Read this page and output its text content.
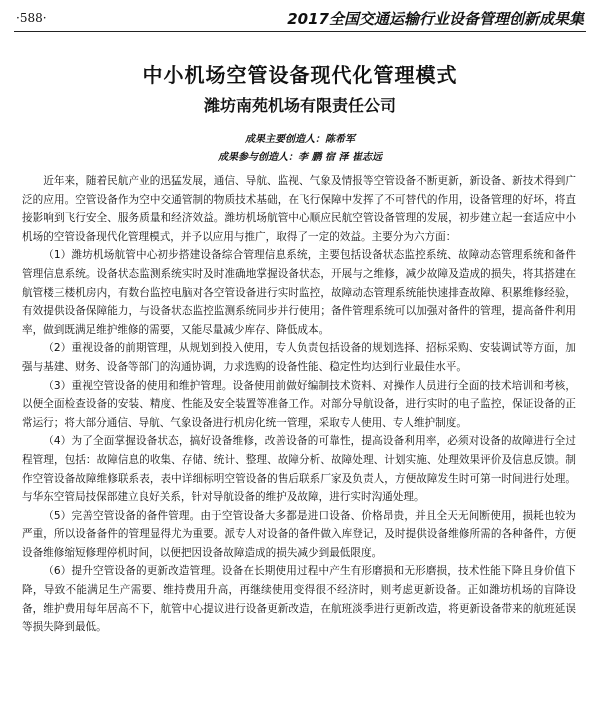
·588·	2017全国交通运输行业设备管理创新成果集
中小机场空管设备现代化管理模式
潍坊南苑机场有限责任公司
成果主要创造人：陈希军
成果参与创造人：李 鹏 宿 泽 崔志远

近年来，随着民航产业的迅猛发展，通信、导航、监视、气象及情报等空管设备不断更新，新设备、新技术得到广泛的应用。空管设备作为空中交通管制的物质技术基础，在飞行保障中发挥了不可替代的作用，设备管理的好坏，将直接影响到飞行安全、服务质量和经济效益。潍坊机场航管中心顺应民航空管设备管理的发展，初步建立起一套适应中小机场的空管设备现代化管理模式，并予以应用与推广，取得了一定的效益。主要分为六方面：

（1）潍坊机场航管中心初步搭建设备综合管理信息系统，主要包括设备状态监控系统、故障动态管理系统和备件管理信息系统。设备状态监测系统实时及时准确地掌握设备状态，开展与之维修，减少故障及造成的损失，将其搭建在航管楼三楼机房内，有数台监控电脑对各空管设备进行实时监控，故障动态管理系统能快速排查故障、积累维修经验，有效提供设备保障能力，与设备状态监控监测系统同步并行使用；备件管理系统可以加强对备件的管理，提高备件利用率，做到既满足维护维修的需要，又能尽量减少库存、降低成本。

（2）重视设备的前期管理，从规划到投入使用，专人负责包括设备的规划选择、招标采购、安装调试等方面，加强与基建、财务、设备等部门的沟通协调，力求选购的设备性能、稳定性均达到行业最佳水平。

（3）重视空管设备的使用和维护管理。设备使用前做好编制技术资料、对操作人员进行全面的技术培训和考核，以便全面检查设备的安装、精度、性能及安全装置等准备工作。对部分导航设备，进行实时的电子监控，保证设备的正常运行；将大部分通信、导航、气象设备进行机房化统一管理，采取专人使用、专人维护制度。

（4）为了全面掌握设备状态，搞好设备维修，改善设备的可靠性，提高设备利用率，必须对设备的故障进行全过程管理，包括：故障信息的收集、存储、统计、整理、故障分析、故障处理、计划实施、处理效果评价及信息反馈。制作空管设备故障维修联系表，表中详细标明空管设备的售后联系厂家及负责人，方便故障发生时可第一时间进行处理。与华东空管局技保部建立良好关系，针对导航设备的维护及故障，进行实时沟通处理。

（5）完善空管设备的备件管理。由于空管设备大多都是进口设备、价格昂贵，并且全天无间断使用，损耗也较为严重，所以设备备件的管理显得尤为重要。派专人对设备的备件做入库登记，及时提供设备维修所需的各种备件，方便设备维修缩短修理停机时间，以便把因设备故障造成的损失减少到最低限度。

（6）提升空管设备的更新改造管理。设备在长期使用过程中产生有形磨损和无形磨损，技术性能下降且身价值下降，导致不能满足生产需要、维持费用升高，再继续使用变得很不经济时，则考虑更新设备。正如潍坊机场的盲降设备，维护费用每年居高不下，航管中心提议进行设备更新改造，在航班淡季进行更新改造，将更新设备带来的航班延误等损失降到最低。
